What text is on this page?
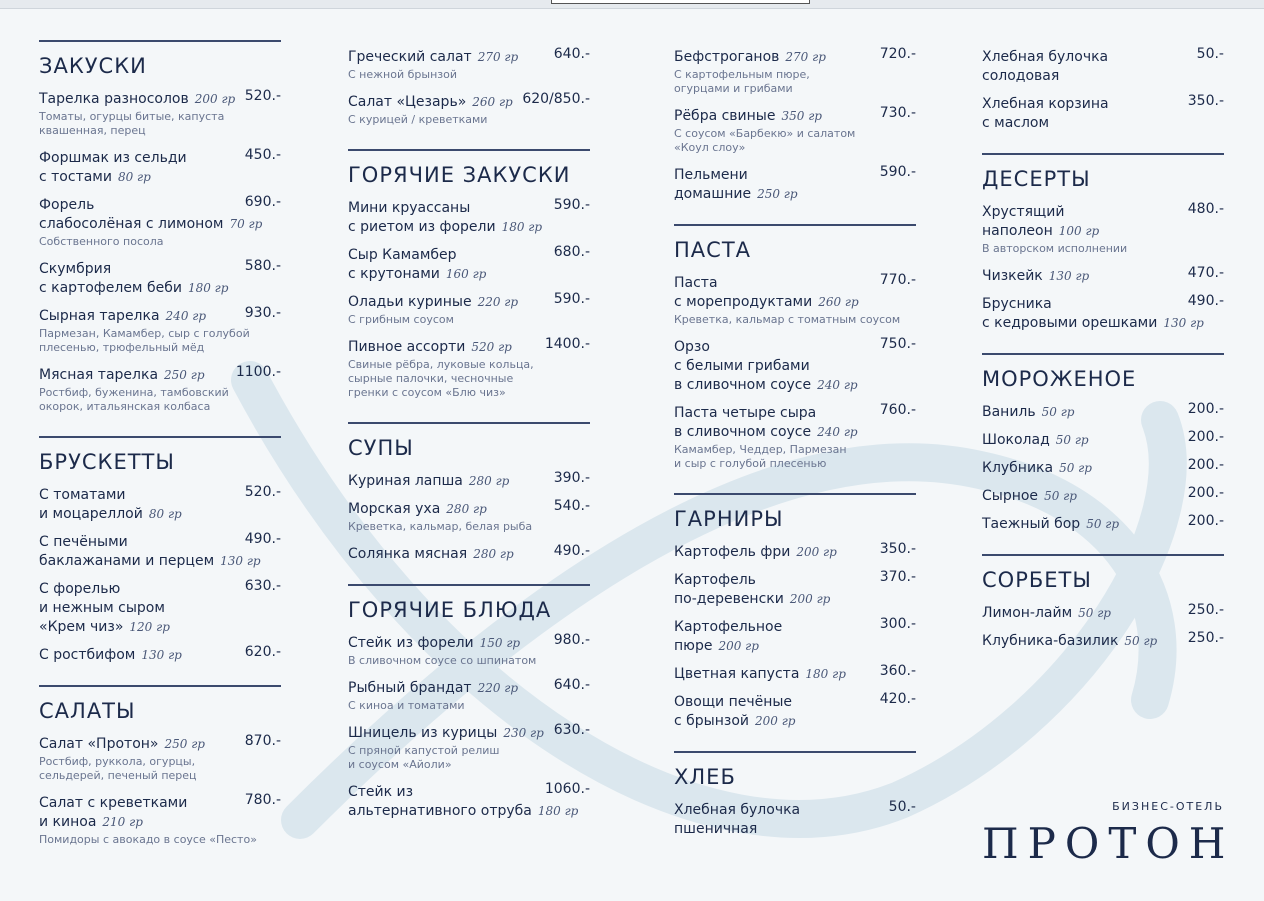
ЗАКУСКИ
Тарелка разносолов 200 гр 520.-
Томаты, огурцы битые, капуста
квашенная, перец
Форшмак из сельди
с тостами 80 гр
450.-
Форель
слабосолёная с лимоном 70 гр
690.-
Собственного посола
Скумбрия
с картофелем беби 180 гр
580.-
Сырная тарелка 240 гр	930.-
Пармезан, Камамбер, сыр с голубой
плесенью, трюфельный мёд
Мясная тарелка 250 гр 1100.-
Ростбиф, буженина, тамбовский
окорок, итальянская колбаса
БРУСКЕТТЫ
С томатами
и моцареллой 80 гр
520.-
С печёными
баклажанами и перцем 130 гр
490.-
С форелью
и нежным сыром
«Крем чиз» 120 гр
630.-
С ростбифом 130 гр	620.-
САЛАТЫ
Салат «Протон» 250 гр	870.-
Ростбиф, руккола, огурцы,
сельдерей, печеный перец
Салат с креветками
и киноа 210 гр
780.-
Помидоры с авокадо в соусе «Песто»
Греческий салат 270 гр	640.-
С нежной брынзой
Салат «Цезарь» 260 гр 620/850.-
С курицей / креветками
ГОРЯЧИЕ ЗАКУСКИ
Мини круассаны
с риетом из форели 180 гр
590.-
Сыр Камамбер
с крутонами 160 гр
680.-
Оладьи куриные 220 гр	590.-
С грибным соусом
Пивное ассорти 520 гр 1400.-
Свиные рёбра, луковые кольца,
сырные палочки, чесночные
гренки с соусом «Блю чиз»
СУПЫ
Куриная лапша 280 гр	390.-
Морская уха 280 гр	540.-
Креветка, кальмар, белая рыба
Солянка мясная 280 гр	490.-
ГОРЯЧИЕ БЛЮДА
Стейк из форели 150 гр 980.-
В сливочном соусе со шпинатом
Рыбный брандат 220 гр	640.-
С киноа и томатами
Шницель из курицы 230 гр 630.-
С пряной капустой релиш
и соусом «Айоли»
Стейк из
альтернативного отруба 180 гр
1060.-
Бефстроганов 270 гр	720.-
С картофельным пюре,
огурцами и грибами
Рёбра свиные 350 гр	730.-
С соусом «Барбекю» и салатом
«Коул слоу»
Пельмени
домашние 250 гр
590.-
ПАСТА
Паста
с морепродуктами 260 гр
770.-
Креветка, кальмар с томатным соусом
Орзо
с белыми грибами
в сливочном соусе 240 гр
750.-
Паста четыре сыра
в сливочном соусе 240 гр
760.-
Камамбер, Чеддер, Пармезан
и сыр с голубой плесенью
ГАРНИРЫ
Картофель фри 200 гр	350.-
Картофель
по-деревенски 200 гр
370.-
Картофельное
пюре 200 гр
300.-
Цветная капуста 180 гр 360.-
Овощи печёные
с брынзой 200 гр
420.-
ХЛЕБ
Хлебная булочка
пшеничная
50.-
Хлебная булочка
солодовая
50.-
Хлебная корзина
с маслом
350.-
ДЕСЕРТЫ
Хрустящий
наполеон 100 гр
480.-
В авторском исполнении
Чизкейк 130 гр	470.-
Брусника
с кедровыми орешками 130 гр
490.-
МОРОЖЕНОЕ
Ваниль 50 гр	200.-
Шоколад 50 гр	200.-
Клубника 50 гр	200.-
Сырное 50 гр	200.-
Таежный бор 50 гр	200.-
СОРБЕТЫ
Лимон-лайм 50 гр	250.-
Клубника-базилик 50 гр 250.-
БИЗНЕС-ОТЕЛЬ
ПРОТОН
